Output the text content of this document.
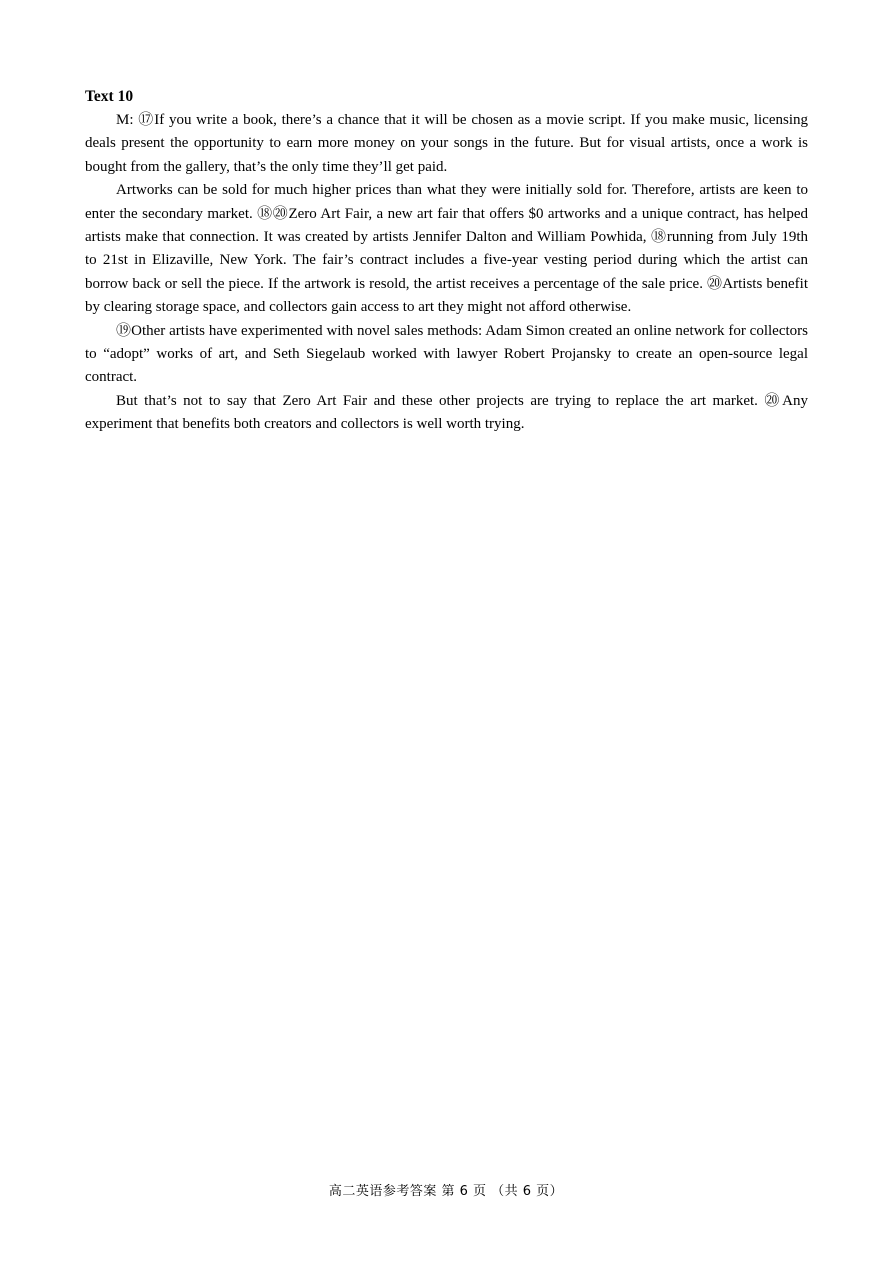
Text 10

M: ⑰If you write a book, there’s a chance that it will be chosen as a movie script. If you make music, licensing deals present the opportunity to earn more money on your songs in the future. But for visual artists, once a work is bought from the gallery, that’s the only time they’ll get paid.

Artworks can be sold for much higher prices than what they were initially sold for. Therefore, artists are keen to enter the secondary market. ⑱⑳Zero Art Fair, a new art fair that offers $0 artworks and a unique contract, has helped artists make that connection. It was created by artists Jennifer Dalton and William Powhida, ⑱running from July 19th to 21st in Elizaville, New York. The fair’s contract includes a five-year vesting period during which the artist can borrow back or sell the piece. If the artwork is resold, the artist receives a percentage of the sale price. ⑳Artists benefit by clearing storage space, and collectors gain access to art they might not afford otherwise.

⑲Other artists have experimented with novel sales methods: Adam Simon created an online network for collectors to “adopt” works of art, and Seth Siegelaub worked with lawyer Robert Projansky to create an open-source legal contract.

But that’s not to say that Zero Art Fair and these other projects are trying to replace the art market. ⑳Any experiment that benefits both creators and collectors is well worth trying.

高二英语参考答案 第 6 页 （共 6 页）
